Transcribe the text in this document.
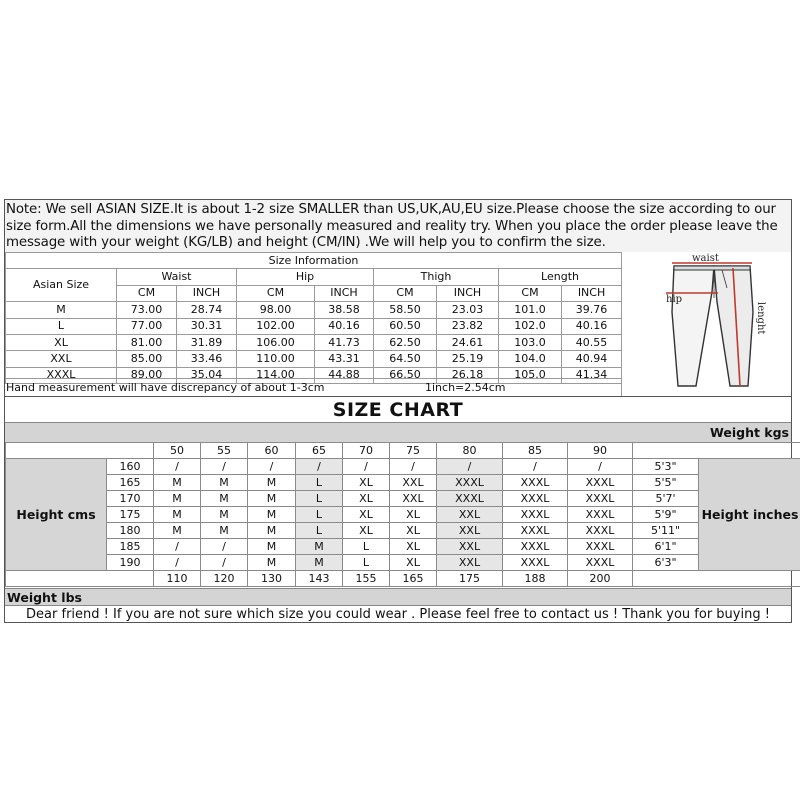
Note: We sell ASIAN SIZE.It is about 1-2 size SMALLER than US,UK,AU,EU size.Please choose the size according to our size form.All the dimensions we have personally measured and reality try. When you place the order please leave the message with your weight (KG/LB) and height (CM/IN) .We will help you to confirm the size.
Size Information								
Asian Size	Waist		Hip		Thigh		Length	
	CM	INCH	CM	INCH	CM	INCH	CM	INCH
M	73.00	28.74	98.00	38.58	58.50	23.03	101.0	39.76
L	77.00	30.31	102.00	40.16	60.50	23.82	102.0	40.16
XL	81.00	31.89	106.00	41.73	62.50	24.61	103.0	40.55
XXL	85.00	33.46	110.00	43.31	64.50	25.19	104.0	40.94
XXXL	89.00	35.04	114.00	44.88	66.50	26.18	105.0	41.34
Hand measurement will have discrepancy of about 1-3cm	1inch=2.54cm
waist
hip
lenght
SIZE CHART
Weight kgs
		50	55	60	65	70	75	80	85	90		
Height cms	160	/	/	/	/	/	/	/	/	/	5'3"	Height inches
	165	M	M	M	L	XL	XXL	XXXL	XXXL	XXXL	5'5"	
	170	M	M	M	L	XL	XXL	XXXL	XXXL	XXXL	5'7'	
	175	M	M	M	L	XL	XL	XXL	XXXL	XXXL	5'9"	
	180	M	M	M	L	XL	XL	XXL	XXXL	XXXL	5'11"	
	185	/	/	M	M	L	XL	XXL	XXXL	XXXL	6'1"	
	190	/	/	M	M	L	XL	XXL	XXXL	XXXL	6'3"	
		110	120	130	143	155	165	175	188	200		
Weight lbs
Dear friend ! If you are not sure which size you could wear . Please feel free to contact us ! Thank you for buying !
